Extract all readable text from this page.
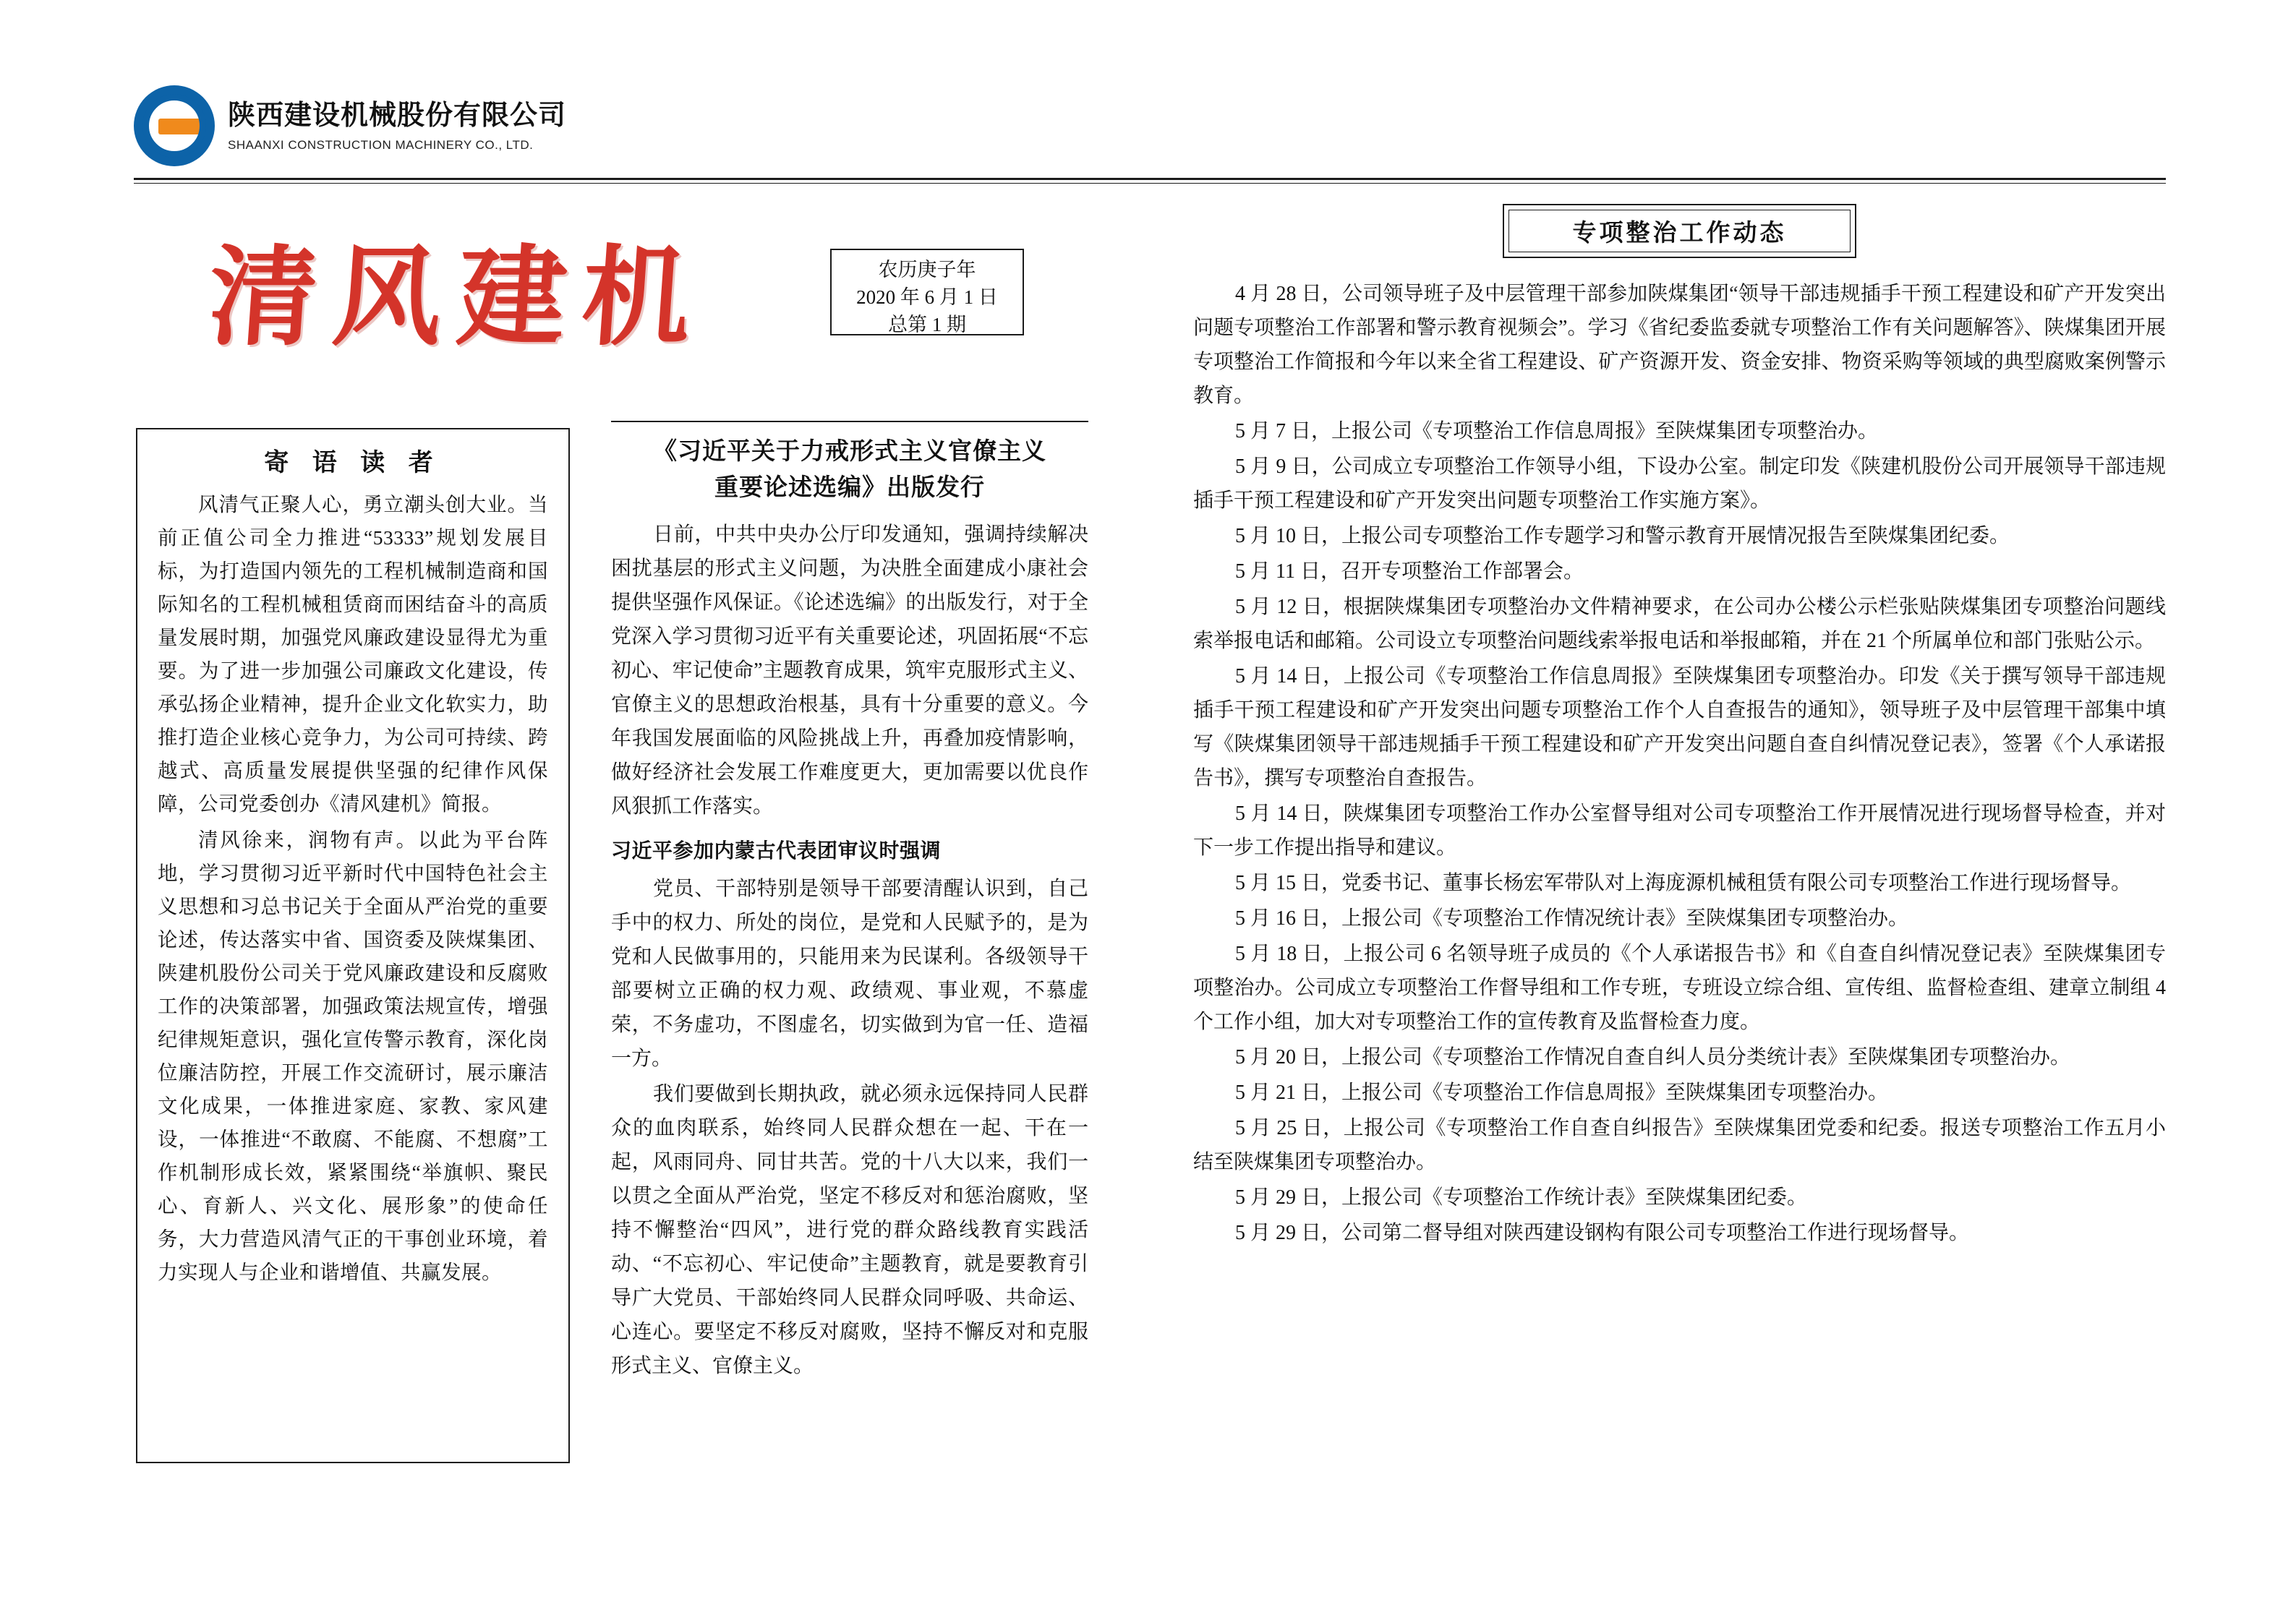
陕西建设机械股份有限公司
SHAANXI CONSTRUCTION MACHINERY CO., LTD.
清风建机	农历庚子年
2020 年 6 月 1 日
总第 1 期
寄 语 读 者

风清气正聚人心，勇立潮头创大业。当前正值公司全力推进“53333”规划发展目标，为打造国内领先的工程机械制造商和国际知名的工程机械租赁商而困结奋斗的高质量发展时期，加强党风廉政建设显得尤为重要。为了进一步加强公司廉政文化建设，传承弘扬企业精神，提升企业文化软实力，助推打造企业核心竞争力，为公司可持续、跨越式、高质量发展提供坚强的纪律作风保障，公司党委创办《清风建机》简报。

清风徐来，润物有声。以此为平台阵地，学习贯彻习近平新时代中国特色社会主义思想和习总书记关于全面从严治党的重要论述，传达落实中省、国资委及陕煤集团、陕建机股份公司关于党风廉政建设和反腐败工作的决策部署，加强政策法规宣传，增强纪律规矩意识，强化宣传警示教育，深化岗位廉洁防控，开展工作交流研讨，展示廉洁文化成果，一体推进家庭、家教、家风建设，一体推进“不敢腐、不能腐、不想腐”工作机制形成长效，紧紧围绕“举旗帜、聚民心、育新人、兴文化、展形象”的使命任务，大力营造风清气正的干事创业环境，着力实现人与企业和谐增值、共赢发展。

《习近平关于力戒形式主义官僚主义
重要论述选编》出版发行

日前，中共中央办公厅印发通知，强调持续解决困扰基层的形式主义问题，为决胜全面建成小康社会提供坚强作风保证。《论述选编》的出版发行，对于全党深入学习贯彻习近平有关重要论述，巩固拓展“不忘初心、牢记使命”主题教育成果，筑牢克服形式主义、官僚主义的思想政治根基，具有十分重要的意义。今年我国发展面临的风险挑战上升，再叠加疫情影响，做好经济社会发展工作难度更大，更加需要以优良作风狠抓工作落实。

习近平参加内蒙古代表团审议时强调

党员、干部特别是领导干部要清醒认识到，自己手中的权力、所处的岗位，是党和人民赋予的，是为党和人民做事用的，只能用来为民谋利。各级领导干部要树立正确的权力观、政绩观、事业观，不慕虚荣，不务虚功，不图虚名，切实做到为官一任、造福一方。

我们要做到长期执政，就必须永远保持同人民群众的血肉联系，始终同人民群众想在一起、干在一起，风雨同舟、同甘共苦。党的十八大以来，我们一以贯之全面从严治党，坚定不移反对和惩治腐败，坚持不懈整治“四风”，进行党的群众路线教育实践活动、“不忘初心、牢记使命”主题教育，就是要教育引导广大党员、干部始终同人民群众同呼吸、共命运、心连心。要坚定不移反对腐败，坚持不懈反对和克服形式主义、官僚主义。

专项整治工作动态

4 月 28 日，公司领导班子及中层管理干部参加陕煤集团“领导干部违规插手干预工程建设和矿产开发突出问题专项整治工作部署和警示教育视频会”。学习《省纪委监委就专项整治工作有关问题解答》、陕煤集团开展专项整治工作简报和今年以来全省工程建设、矿产资源开发、资金安排、物资采购等领域的典型腐败案例警示教育。

5 月 7 日，上报公司《专项整治工作信息周报》至陕煤集团专项整治办。

5 月 9 日，公司成立专项整治工作领导小组，下设办公室。制定印发《陕建机股份公司开展领导干部违规插手干预工程建设和矿产开发突出问题专项整治工作实施方案》。

5 月 10 日，上报公司专项整治工作专题学习和警示教育开展情况报告至陕煤集团纪委。

5 月 11 日，召开专项整治工作部署会。

5 月 12 日，根据陕煤集团专项整治办文件精神要求，在公司办公楼公示栏张贴陕煤集团专项整治问题线索举报电话和邮箱。公司设立专项整治问题线索举报电话和举报邮箱，并在 21 个所属单位和部门张贴公示。

5 月 14 日，上报公司《专项整治工作信息周报》至陕煤集团专项整治办。印发《关于撰写领导干部违规插手干预工程建设和矿产开发突出问题专项整治工作个人自查报告的通知》，领导班子及中层管理干部集中填写《陕煤集团领导干部违规插手干预工程建设和矿产开发突出问题自查自纠情况登记表》，签署《个人承诺报告书》，撰写专项整治自查报告。

5 月 14 日，陕煤集团专项整治工作办公室督导组对公司专项整治工作开展情况进行现场督导检查，并对下一步工作提出指导和建议。

5 月 15 日，党委书记、董事长杨宏军带队对上海庞源机械租赁有限公司专项整治工作进行现场督导。

5 月 16 日，上报公司《专项整治工作情况统计表》至陕煤集团专项整治办。

5 月 18 日，上报公司 6 名领导班子成员的《个人承诺报告书》和《自查自纠情况登记表》至陕煤集团专项整治办。公司成立专项整治工作督导组和工作专班，专班设立综合组、宣传组、监督检查组、建章立制组 4 个工作小组，加大对专项整治工作的宣传教育及监督检查力度。

5 月 20 日，上报公司《专项整治工作情况自查自纠人员分类统计表》至陕煤集团专项整治办。

5 月 21 日，上报公司《专项整治工作信息周报》至陕煤集团专项整治办。

5 月 25 日，上报公司《专项整治工作自查自纠报告》至陕煤集团党委和纪委。报送专项整治工作五月小结至陕煤集团专项整治办。

5 月 29 日，上报公司《专项整治工作统计表》至陕煤集团纪委。

5 月 29 日，公司第二督导组对陕西建设钢构有限公司专项整治工作进行现场督导。
